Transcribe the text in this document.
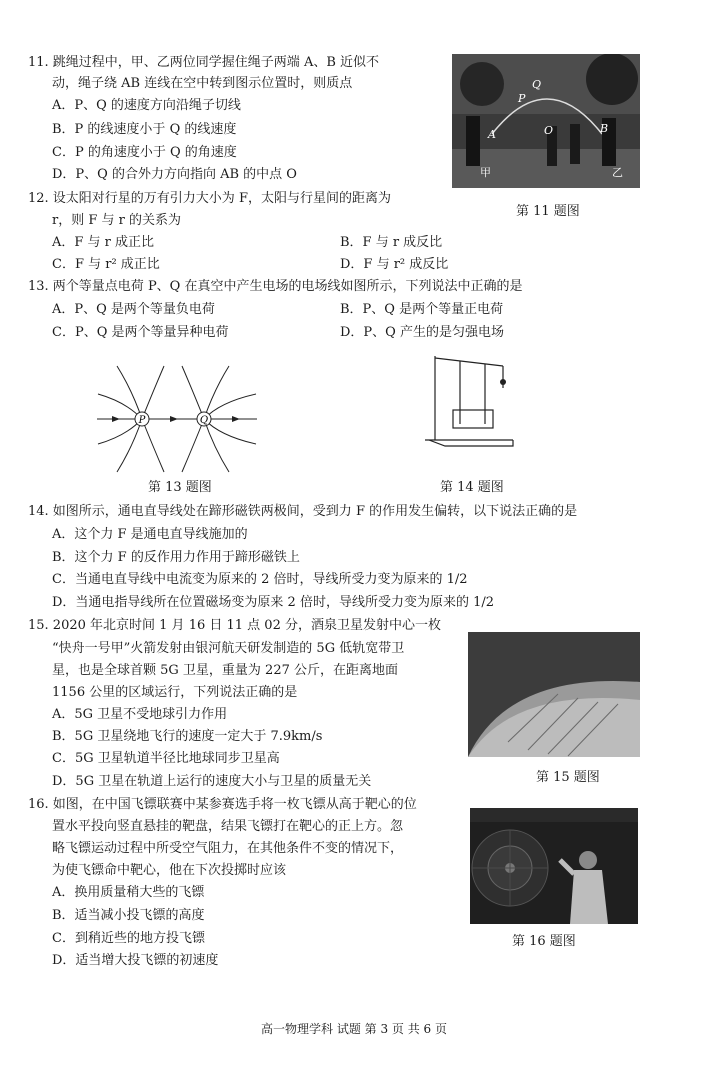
11. 跳绳过程中，甲、乙两位同学握住绳子两端 A、B 近似不
动，绳子绕 AB 连线在空中转到图示位置时，则质点
A．P、Q 的速度方向沿绳子切线
B．P 的线速度小于 Q 的线速度
C．P 的角速度小于 Q 的角速度
D．P、Q 的合外力方向指向 AB 的中点 O
P
Q
O
A	B
甲	乙
第 11 题图
12. 设太阳对行星的万有引力大小为 F，太阳与行星间的距离为
r，则 F 与 r 的关系为
A．F 与 r 成正比	B．F 与 r 成反比
C．F 与 r² 成正比	D．F 与 r² 成反比
13. 两个等量点电荷 P、Q 在真空中产生电场的电场线如图所示，下列说法中正确的是
A．P、Q 是两个等量负电荷	B．P、Q 是两个等量正电荷
C．P、Q 是两个等量异种电荷	D．P、Q 产生的是匀强电场
P	Q
第 13 题图	第 14 题图
14. 如图所示，通电直导线处在蹄形磁铁两极间，受到力 F 的作用发生偏转，以下说法正确的是
A．这个力 F 是通电直导线施加的
B．这个力 F 的反作用力作用于蹄形磁铁上
C．当通电直导线中电流变为原来的 2 倍时，导线所受力变为原来的 1/2
D．当通电指导线所在位置磁场变为原来 2 倍时，导线所受力变为原来的 1/2
15. 2020 年北京时间 1 月 16 日 11 点 02 分，酒泉卫星发射中心一枚
“快舟一号甲”火箭发射由银河航天研发制造的 5G 低轨宽带卫
星，也是全球首颗 5G 卫星，重量为 227 公斤，在距离地面
1156 公里的区域运行，下列说法正确的是
A．5G 卫星不受地球引力作用
B．5G 卫星绕地飞行的速度一定大于 7.9km/s
C．5G 卫星轨道半径比地球同步卫星高
D．5G 卫星在轨道上运行的速度大小与卫星的质量无关	第 15 题图
16. 如图，在中国飞镖联赛中某参赛选手将一枚飞镖从高于靶心的位
置水平投向竖直悬挂的靶盘，结果飞镖打在靶心的正上方。忽
略飞镖运动过程中所受空气阻力，在其他条件不变的情况下，
为使飞镖命中靶心，他在下次投掷时应该
A．换用质量稍大些的飞镖
B．适当减小投飞镖的高度
C．到稍近些的地方投飞镖
D．适当增大投飞镖的初速度
第 16 题图
高一物理学科 试题 第 3 页 共 6 页
